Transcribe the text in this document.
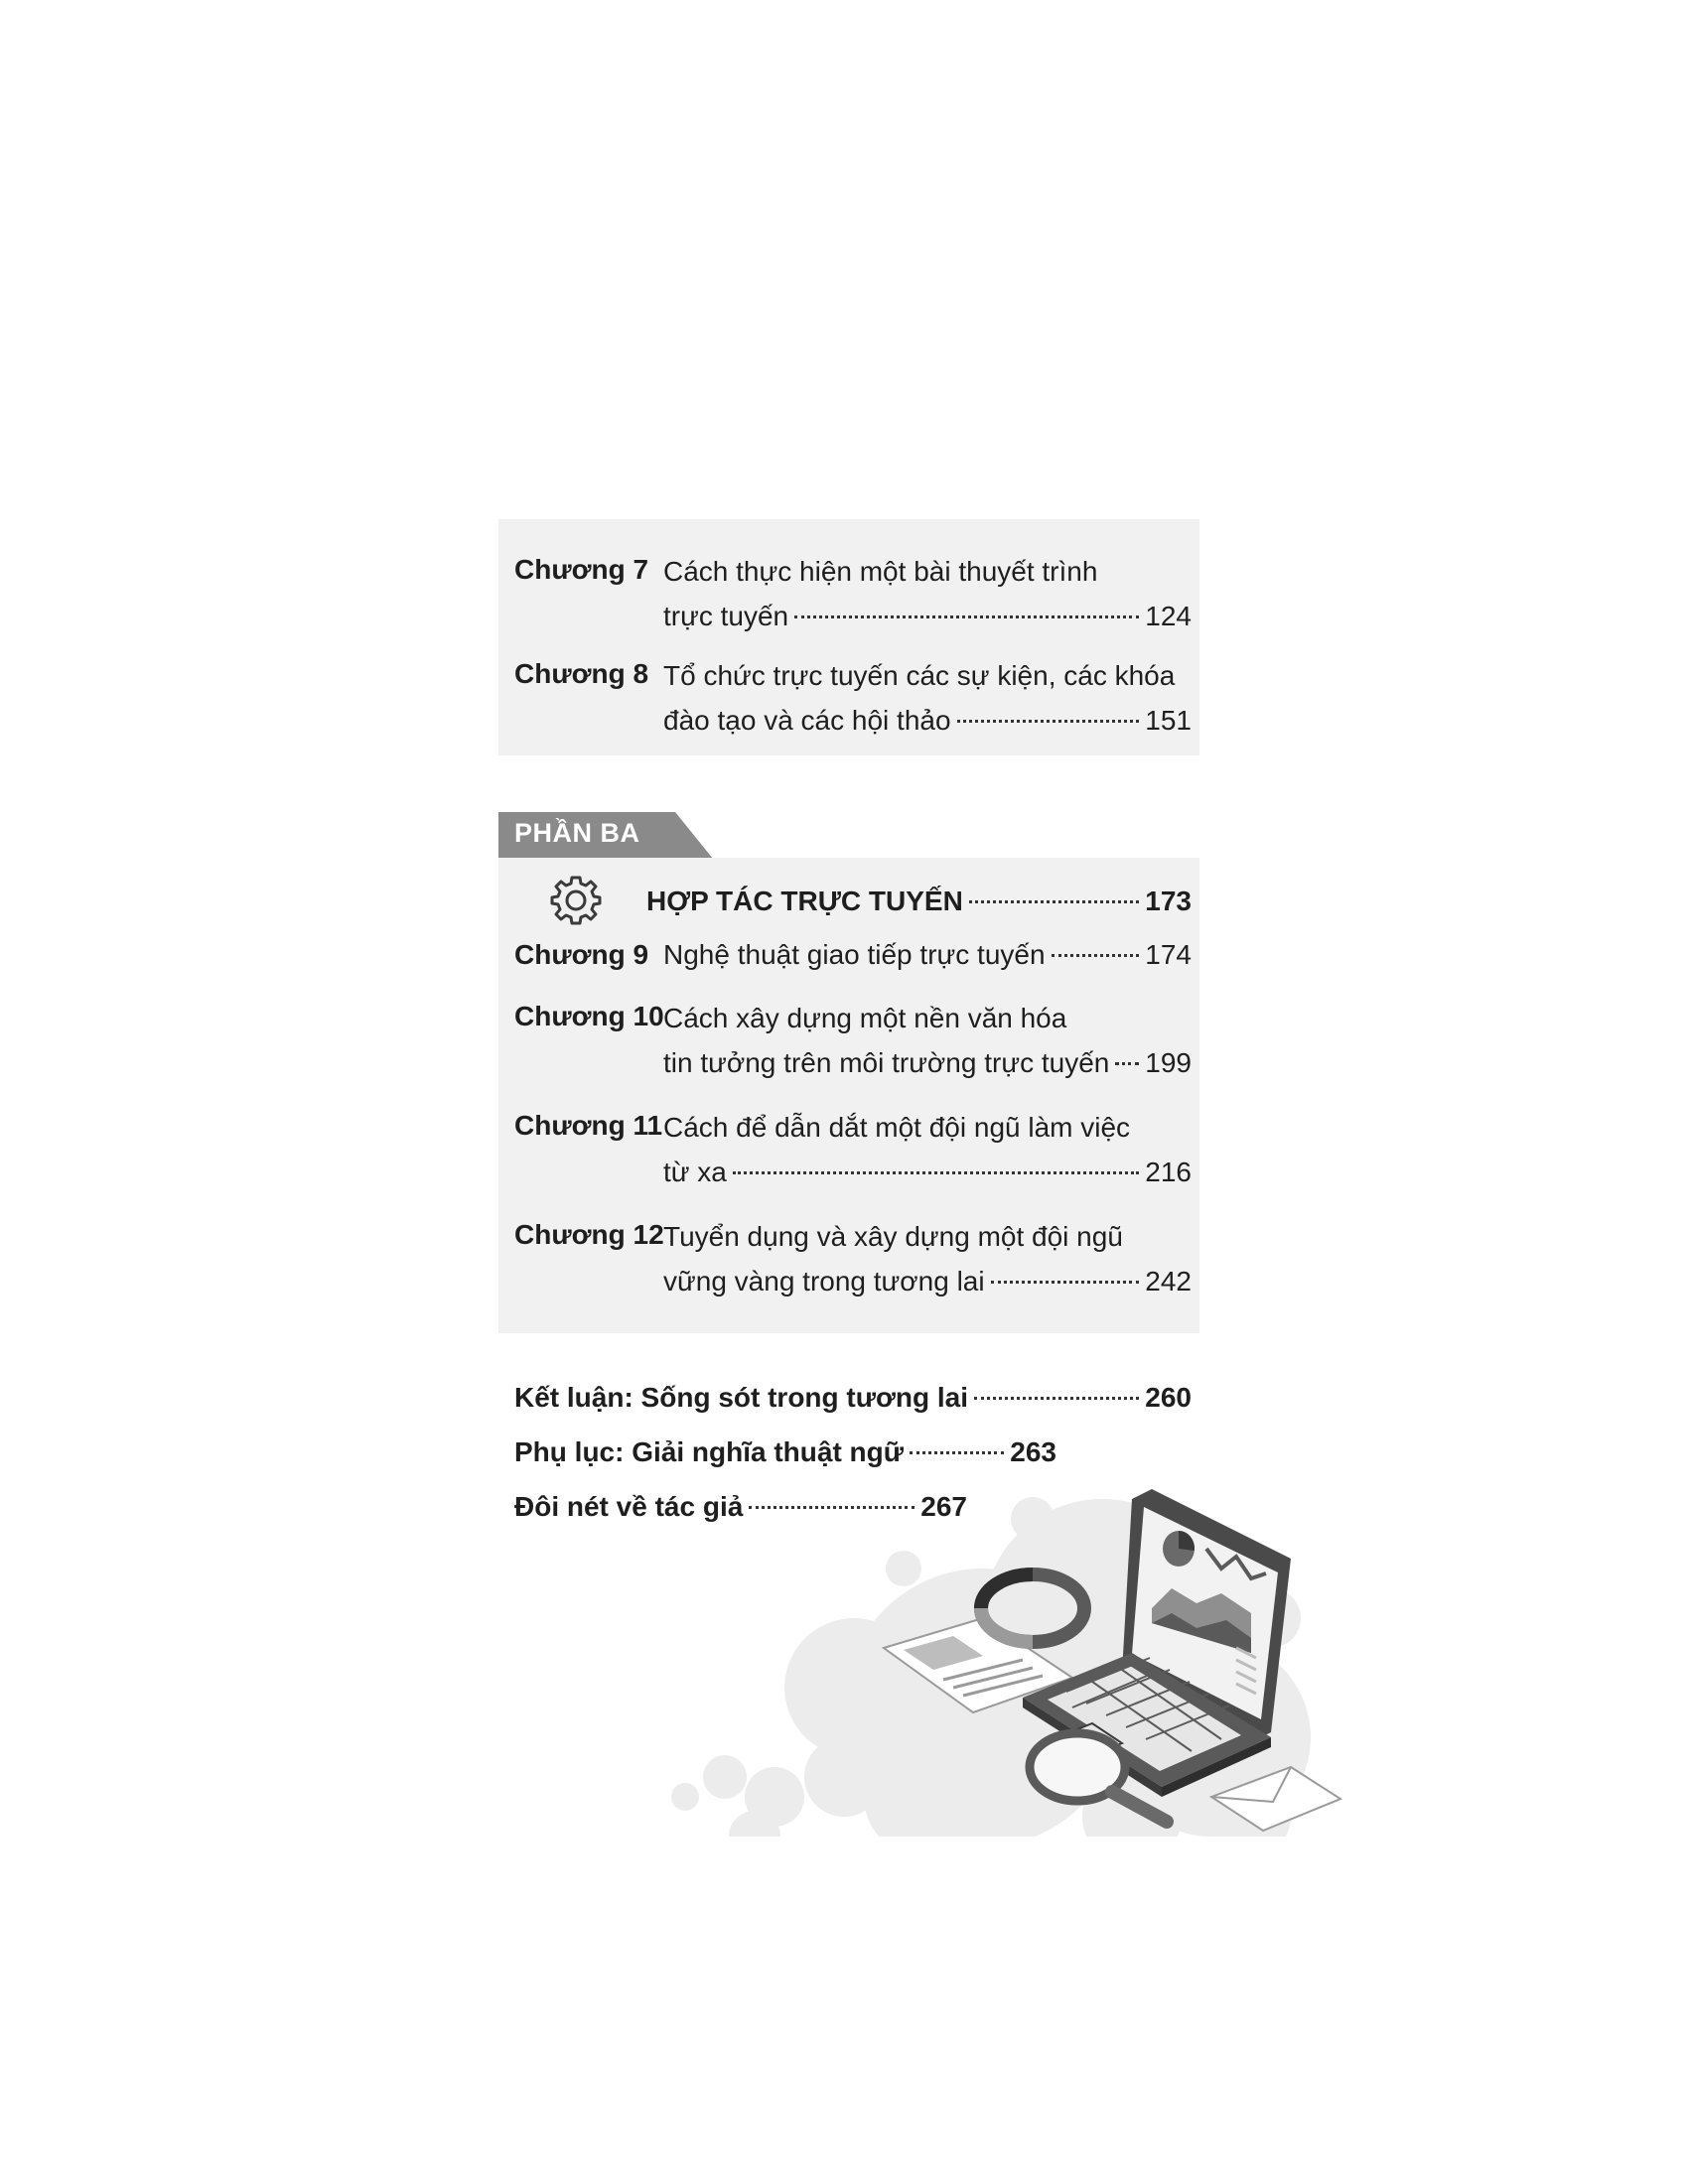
Chương 7 Cách thực hiện một bài thuyết trình
trực tuyến	124
Chương 8 Tổ chức trực tuyến các sự kiện, các khóa
đào tạo và các hội thảo	151
PHẦN BA
HỢP TÁC TRỰC TUYẾN	173
Chương 9 Nghệ thuật giao tiếp trực tuyến	174
Chương 10 Cách xây dựng một nền văn hóa
tin tưởng trên môi trường trực tuyến 199
Chương 11 Cách để dẫn dắt một đội ngũ làm việc
từ xa	216
Chương 12 Tuyển dụng và xây dựng một đội ngũ
vững vàng trong tương lai	242
Kết luận: Sống sót trong tương lai	260
Phụ lục: Giải nghĩa thuật ngữ	263
Đôi nét về tác giả	267
